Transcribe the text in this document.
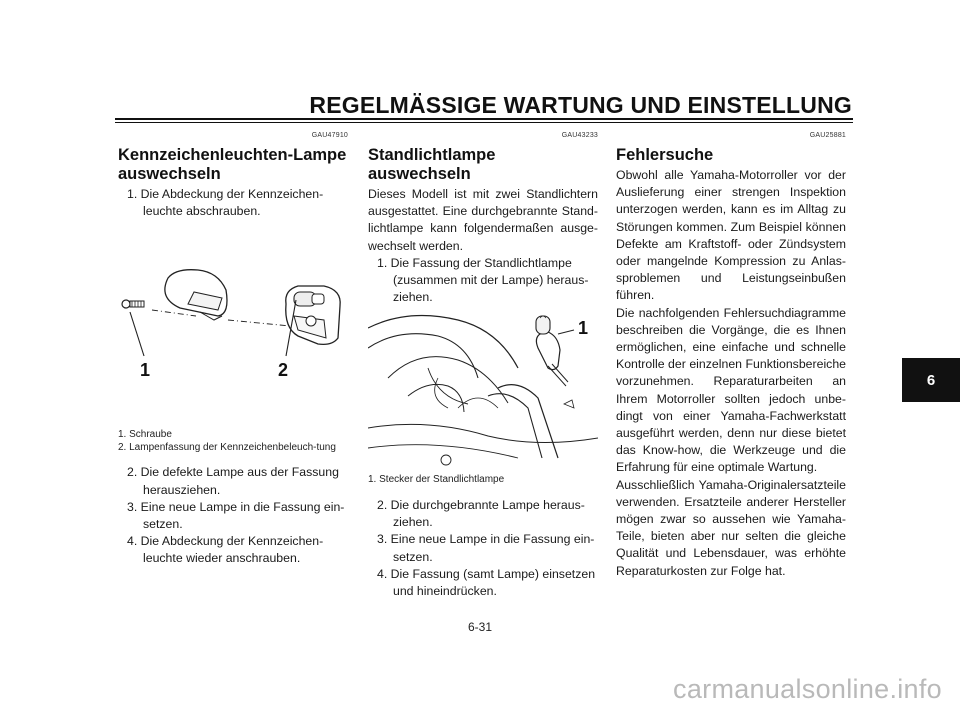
REGELMÄSSIGE WARTUNG UND EINSTELLUNG
GAU47910
Kennzeichenleuchten-Lampe auswechseln
1. Die Abdeckung der Kennzeichen-leuchte abschrauben.
1	2
1. Schraube
2. Lampenfassung der Kennzeichenbeleuch-tung
2. Die defekte Lampe aus der Fassung herausziehen.
3. Eine neue Lampe in die Fassung ein-setzen.
4. Die Abdeckung der Kennzeichen-leuchte wieder anschrauben.
GAU43233
Standlichtlampe auswechseln

Dieses Modell ist mit zwei Standlichtern ausgestattet. Eine durchgebrannte Stand-lichtlampe kann folgendermaßen ausge-wechselt werden.

1. Die Fassung der Standlichtlampe (zusammen mit der Lampe) heraus-ziehen.
1
1. Stecker der Standlichtlampe
2. Die durchgebrannte Lampe heraus-ziehen.
3. Eine neue Lampe in die Fassung ein-setzen.
4. Die Fassung (samt Lampe) einsetzen und hineindrücken.
GAU25881
Fehlersuche

Obwohl alle Yamaha-Motorroller vor der Auslieferung einer strengen Inspektion unterzogen werden, kann es im Alltag zu Störungen kommen. Zum Beispiel können Defekte am Kraftstoff- oder Zündsystem oder mangelnde Kompression zu Anlas-sproblemen und Leistungseinbußen führen.

Die nachfolgenden Fehlersuchdiagramme beschreiben die Vorgänge, die es Ihnen ermöglichen, eine einfache und schnelle Kontrolle der einzelnen Funktionsbereiche vorzunehmen. Reparaturarbeiten an Ihrem Motorroller sollten jedoch unbe-dingt von einer Yamaha-Fachwerkstatt ausgeführt werden, denn nur diese bietet das Know-how, die Werkzeuge und die Erfahrung für eine optimale Wartung.

Ausschließlich Yamaha-Originalersatzteile verwenden. Ersatzteile anderer Hersteller mögen zwar so aussehen wie Yamaha-Teile, bieten aber nur selten die gleiche Qualität und Lebensdauer, was erhöhte Reparaturkosten zur Folge hat.

6
6-31
carmanualsonline.info
